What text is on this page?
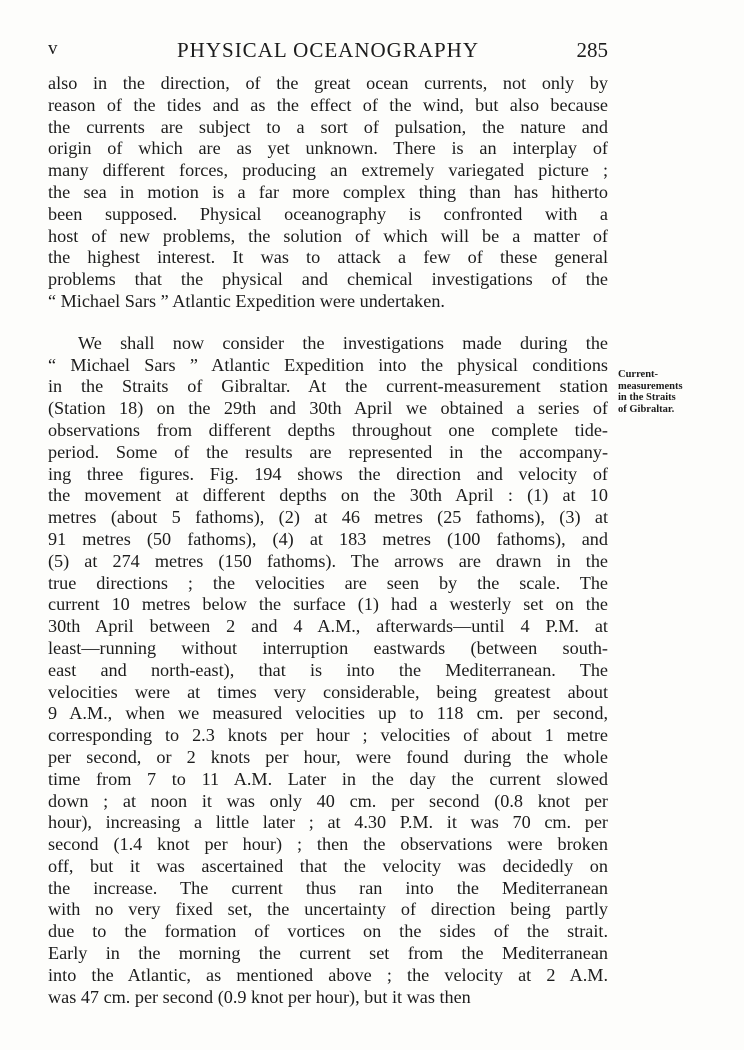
PHYSICAL OCEANOGRAPHY
v	285
also in the direction, of the great ocean currents, not only by
reason of the tides and as the effect of the wind, but also because
the currents are subject to a sort of pulsation, the nature and
origin of which are as yet unknown. There is an interplay of
many different forces, producing an extremely variegated picture ;
the sea in motion is a far more complex thing than has hitherto
been supposed. Physical oceanography is confronted with a
host of new problems, the solution of which will be a matter of
the highest interest. It was to attack a few of these general
problems that the physical and chemical investigations of the
“ Michael Sars ” Atlantic Expedition were undertaken.
We shall now consider the investigations made during the
“ Michael Sars ” Atlantic Expedition into the physical conditions
in the Straits of Gibraltar. At the current-measurement station
(Station 18) on the 29th and 30th April we obtained a series of
observations from different depths throughout one complete tide-
period. Some of the results are represented in the accompany-
ing three figures. Fig. 194 shows the direction and velocity of
the movement at different depths on the 30th April : (1) at 10
metres (about 5 fathoms), (2) at 46 metres (25 fathoms), (3) at
91 metres (50 fathoms), (4) at 183 metres (100 fathoms), and
(5) at 274 metres (150 fathoms). The arrows are drawn in the
true directions ; the velocities are seen by the scale. The
current 10 metres below the surface (1) had a westerly set on the
30th April between 2 and 4 A.M., afterwards—until 4 P.M. at
least—running without interruption eastwards (between south-
east and north-east), that is into the Mediterranean. The
velocities were at times very considerable, being greatest about
9 A.M., when we measured velocities up to 118 cm. per second,
corresponding to 2.3 knots per hour ; velocities of about 1 metre
per second, or 2 knots per hour, were found during the whole
time from 7 to 11 A.M. Later in the day the current slowed
down ; at noon it was only 40 cm. per second (0.8 knot per
hour), increasing a little later ; at 4.30 P.M. it was 70 cm. per
second (1.4 knot per hour) ; then the observations were broken
off, but it was ascertained that the velocity was decidedly on
the increase. The current thus ran into the Mediterranean
with no very fixed set, the uncertainty of direction being partly
due to the formation of vortices on the sides of the strait.
Early in the morning the current set from the Mediterranean
into the Atlantic, as mentioned above ; the velocity at 2 A.M.
was 47 cm. per second (0.9 knot per hour), but it was then
Current-
measurements
in the Straits
of Gibraltar.
